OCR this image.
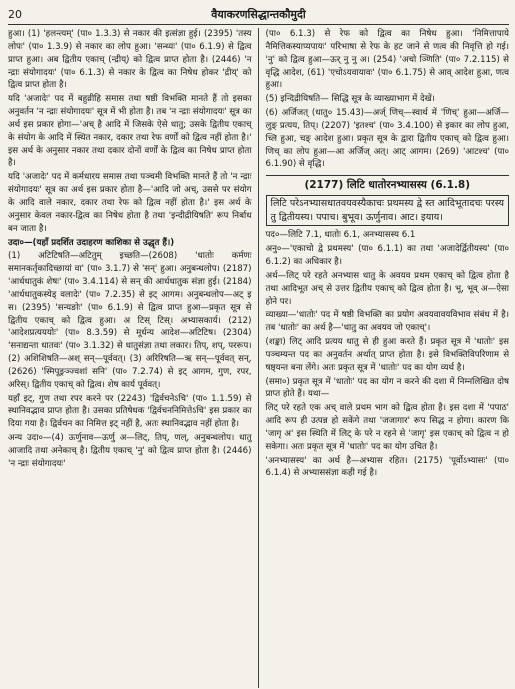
20	वैयाकरणसिद्धान्तकौमुदी

हुआ। (1) 'हलन्त्यम्' (पा० 1.3.3) से नकार की इत्संज्ञा हुई। (2395) 'तस्य लोपः' (पा० 1.3.9) से नकार का लोप हुआ। 'सन्ध्यः' (पा० 6.1.9) से द्वित्व प्राप्त हुआ। अब द्वितीय एकाच् (न्द्रीय्) को द्वित्व प्राप्त होता है। (2446) 'न न्द्राः संयोगादयः' (पा० 6.1.3) से नकार के द्वित्व का निषेध होकर 'द्रीय्' को द्वित्व प्राप्त होता है।

यदि 'अजादेः' पद में बहुव्रीहि समास तथा षष्ठी विभक्ति मानते हैं तो इसका अनुवर्तन 'न न्द्राः संयोगादयः' सूत्र में भी होता है। तब 'न न्द्राः संयोगादयः' सूत्र का अर्थ इस प्रकार होगा—'अच् है आदि में जिसके ऐसे धातु; उसके द्वितीय एकाच् के संयोग के आदि में स्थित नकार, दकार तथा रेफ वर्णों को द्वित्व नहीं होता है।' इस अर्थ के अनुसार नकार तथा दकार दोनों वर्णों के द्वित्व का निषेध प्राप्त होता है।

यदि 'अजादेः' पद में कर्मधारय समास तथा पञ्चमी विभक्ति मानते हैं तो 'न न्द्राः संयोगादयः' सूत्र का अर्थ इस प्रकार होता है—'आदि जो अच्, उससे पर संयोग के आदि वाले नकार, दकार तथा रेफ को द्वित्व नहीं होता है।' इस अर्थ के अनुसार केवल नकार-द्वित्व का निषेध होता है तथा 'इन्दीद्रीयिषति' रूप निर्बाध बन जाता है।

उदा०—(यहाँ प्रदर्शित उदाहरण काशिका से उद्धृत हैं।)

(1) अटिटिषति—अटितुम् इच्छति—(2608) 'धातोः कर्मणः समानकर्तृकादिच्छायां वा' (पा० 3.1.7) से 'सन्' हुआ। अनुबन्धलोप। (2187) 'आर्धधातुकं शेषः' (पा० 3.4.114) से सन् की आर्धधातुक संज्ञा हुई। (2184) 'आर्धधातुकस्येड् वलादेः' (पा० 7.2.35) से इट् आगम। अनुबन्धलोप—अट् इ स। (2395) 'सन्यङोः' (पा० 6.1.9) से द्वित्व प्राप्त हुआ—प्रकृत सूत्र से द्वितीय एकाच् को द्वित्व हुआ। अ टिस् टिस्। अभ्यासकार्य। (212) 'आदेशप्रत्यययोः' (पा० 8.3.59) से मूर्धन्य आदेश—अटिटिष। (2304) 'सनाद्यन्ता धातवः' (पा० 3.1.32) से धातुसंज्ञा तथा लकार। तिप्, शप्, पररूप। (2) अशिशिषति—अश् सन्—पूर्ववत्। (3) अरिरिषति—ऋ सन्—पूर्ववत् सन्, (2626) 'स्मिपूङ्रञ्ज्वशां सनि' (पा० 7.2.74) से इट् आगम, गुण, रपर, अरिस्। द्वितीय एकाच् को द्वित्व। शेष कार्य पूर्ववत्।

यहाँ इट्, गुण तथा रपर करने पर (2243) 'द्विर्वचनेऽचि' (पा० 1.1.59) से स्थानिवद्भाव प्राप्त होता है। उसका प्रतिषेधक 'द्विर्वचननिमित्तेऽचि' इस प्रकार का दिया गया है। द्विर्वचन का निमित्त इट् नहीं है, अतः स्थानिवद्भाव नहीं होता है।

अन्य उदा०—(4) ऊर्णुनाव—ऊर्णु अ—लिट्, तिप्, णल्, अनुबन्धलोप। धातु आजादि तथा अनेकाच् है। द्वितीय एकाच् 'नु' को द्वित्व प्राप्त होता है। (2446) 'न न्द्राः संयोगादयः'

(पा० 6.1.3) से रेफ को द्वित्व का निषेध हुआ। 'निमित्तापाये नैमित्तिकस्याप्यपायः' परिभाषा से रेफ के हट जाने से णत्व की निवृत्ति हो गई। 'नु' को द्वित्व हुआ—ऊर् नु नु अ। (254) 'अचो ञ्णिति' (पा० 7.2.115) से वृद्धि आदेश, (61) 'एचोऽयवायावः' (पा० 6.1.75) से आव् आदेश हुआ, णत्व हुआ।

(5) इन्दिद्रीयिषति— सिद्धि सूत्र के व्याख्याभाग में देखें।

(6) अर्जिजत् (धातु० 15.43)—अर्ज् णिच्—स्वार्थ में 'णिच्' हुआ—अर्जि—लुङ् प्रत्यय, तिप्। (2207) 'इतश्च' (पा० 3.4.100) से इकार का लोप हुआ, च्लि हुआ, चङ् आदेश हुआ। प्रकृत सूत्र के द्वारा द्वितीय एकाच् को द्वित्व हुआ। णिच् का लोप हुआ—आ अर्जिज् अत्। आट् आगम। (269) 'आटश्च' (पा० 6.1.90) से वृद्धि।

(2177) लिटि धातोरनभ्यासस्य (6.1.8)
लिटि परेऽनभ्यासधातवयवस्यैकाचः प्रथमस्य द्वे स्त आदिभूतादचः परस्य तु द्वितीयस्य। पपाच। बुभूव। ऊर्णुनाव। आट। इयाय।

पद०—लिटि 7.1, धातोः 6.1, अनभ्यासस्य 6.1

अनु०—'एकाचो द्वे प्रथमस्य' (पा० 6.1.1) का तथा 'अजादेर्द्वितीयस्य' (पा० 6.1.2) का अधिकार है।

अर्थ—लिट् परे रहते अनभ्यास धातु के अवयव प्रथम एकाच् को द्वित्व होता है तथा आदिभूत अच् से उत्तर द्वितीय एकाच् को द्वित्व होता है। भू, भूव् अ—ऐसा होने पर।

व्याख्या—'धातोः' पद में षष्ठी विभक्ति का प्रयोग अवयवावयविभाव संबंध में है। तब 'धातोः' का अर्थ है—'धातु का अवयव जो एकाच्'।

(शङ्का) लिट् आदि प्रत्यय धातु से ही हुआ करते हैं। प्रकृत सूत्र में 'धातोः' इस पञ्चम्यन्त पद का अनुवर्तन अर्थात् प्राप्त होता है। इसे विभक्तिविपरिणाम से षष्ठ्यन्त बना लेंगे। अतः प्रकृत सूत्र में 'धातोः' पद का योग व्यर्थ है।

(समा०) प्रकृत सूत्र में 'धातोः' पद का योग न करने की दशा में निम्नलिखित दोष प्राप्त होते हैं। यथा—

लिट् परे रहते एक अच् वाले प्रथम भाग को द्वित्व होता है। इस दशा में 'पपाठ' आदि रूप ही उत्पन्न हो सकेंगे तथा 'जजागार' रूप सिद्ध न होगा। कारण कि 'जागृ अ' इस स्थिति में लिट् के परे न रहने से 'जागृ' इस एकाच् को द्वित्व न हो सकेगा। अतः प्रकृत सूत्र में 'धातोः' पद का योग उचित है।

'अनभ्यासस्य' का अर्थ है—अभ्यास रहित। (2175) 'पूर्वोऽभ्यासः' (पा० 6.1.4) से अभ्याससंज्ञा कही गई है।
